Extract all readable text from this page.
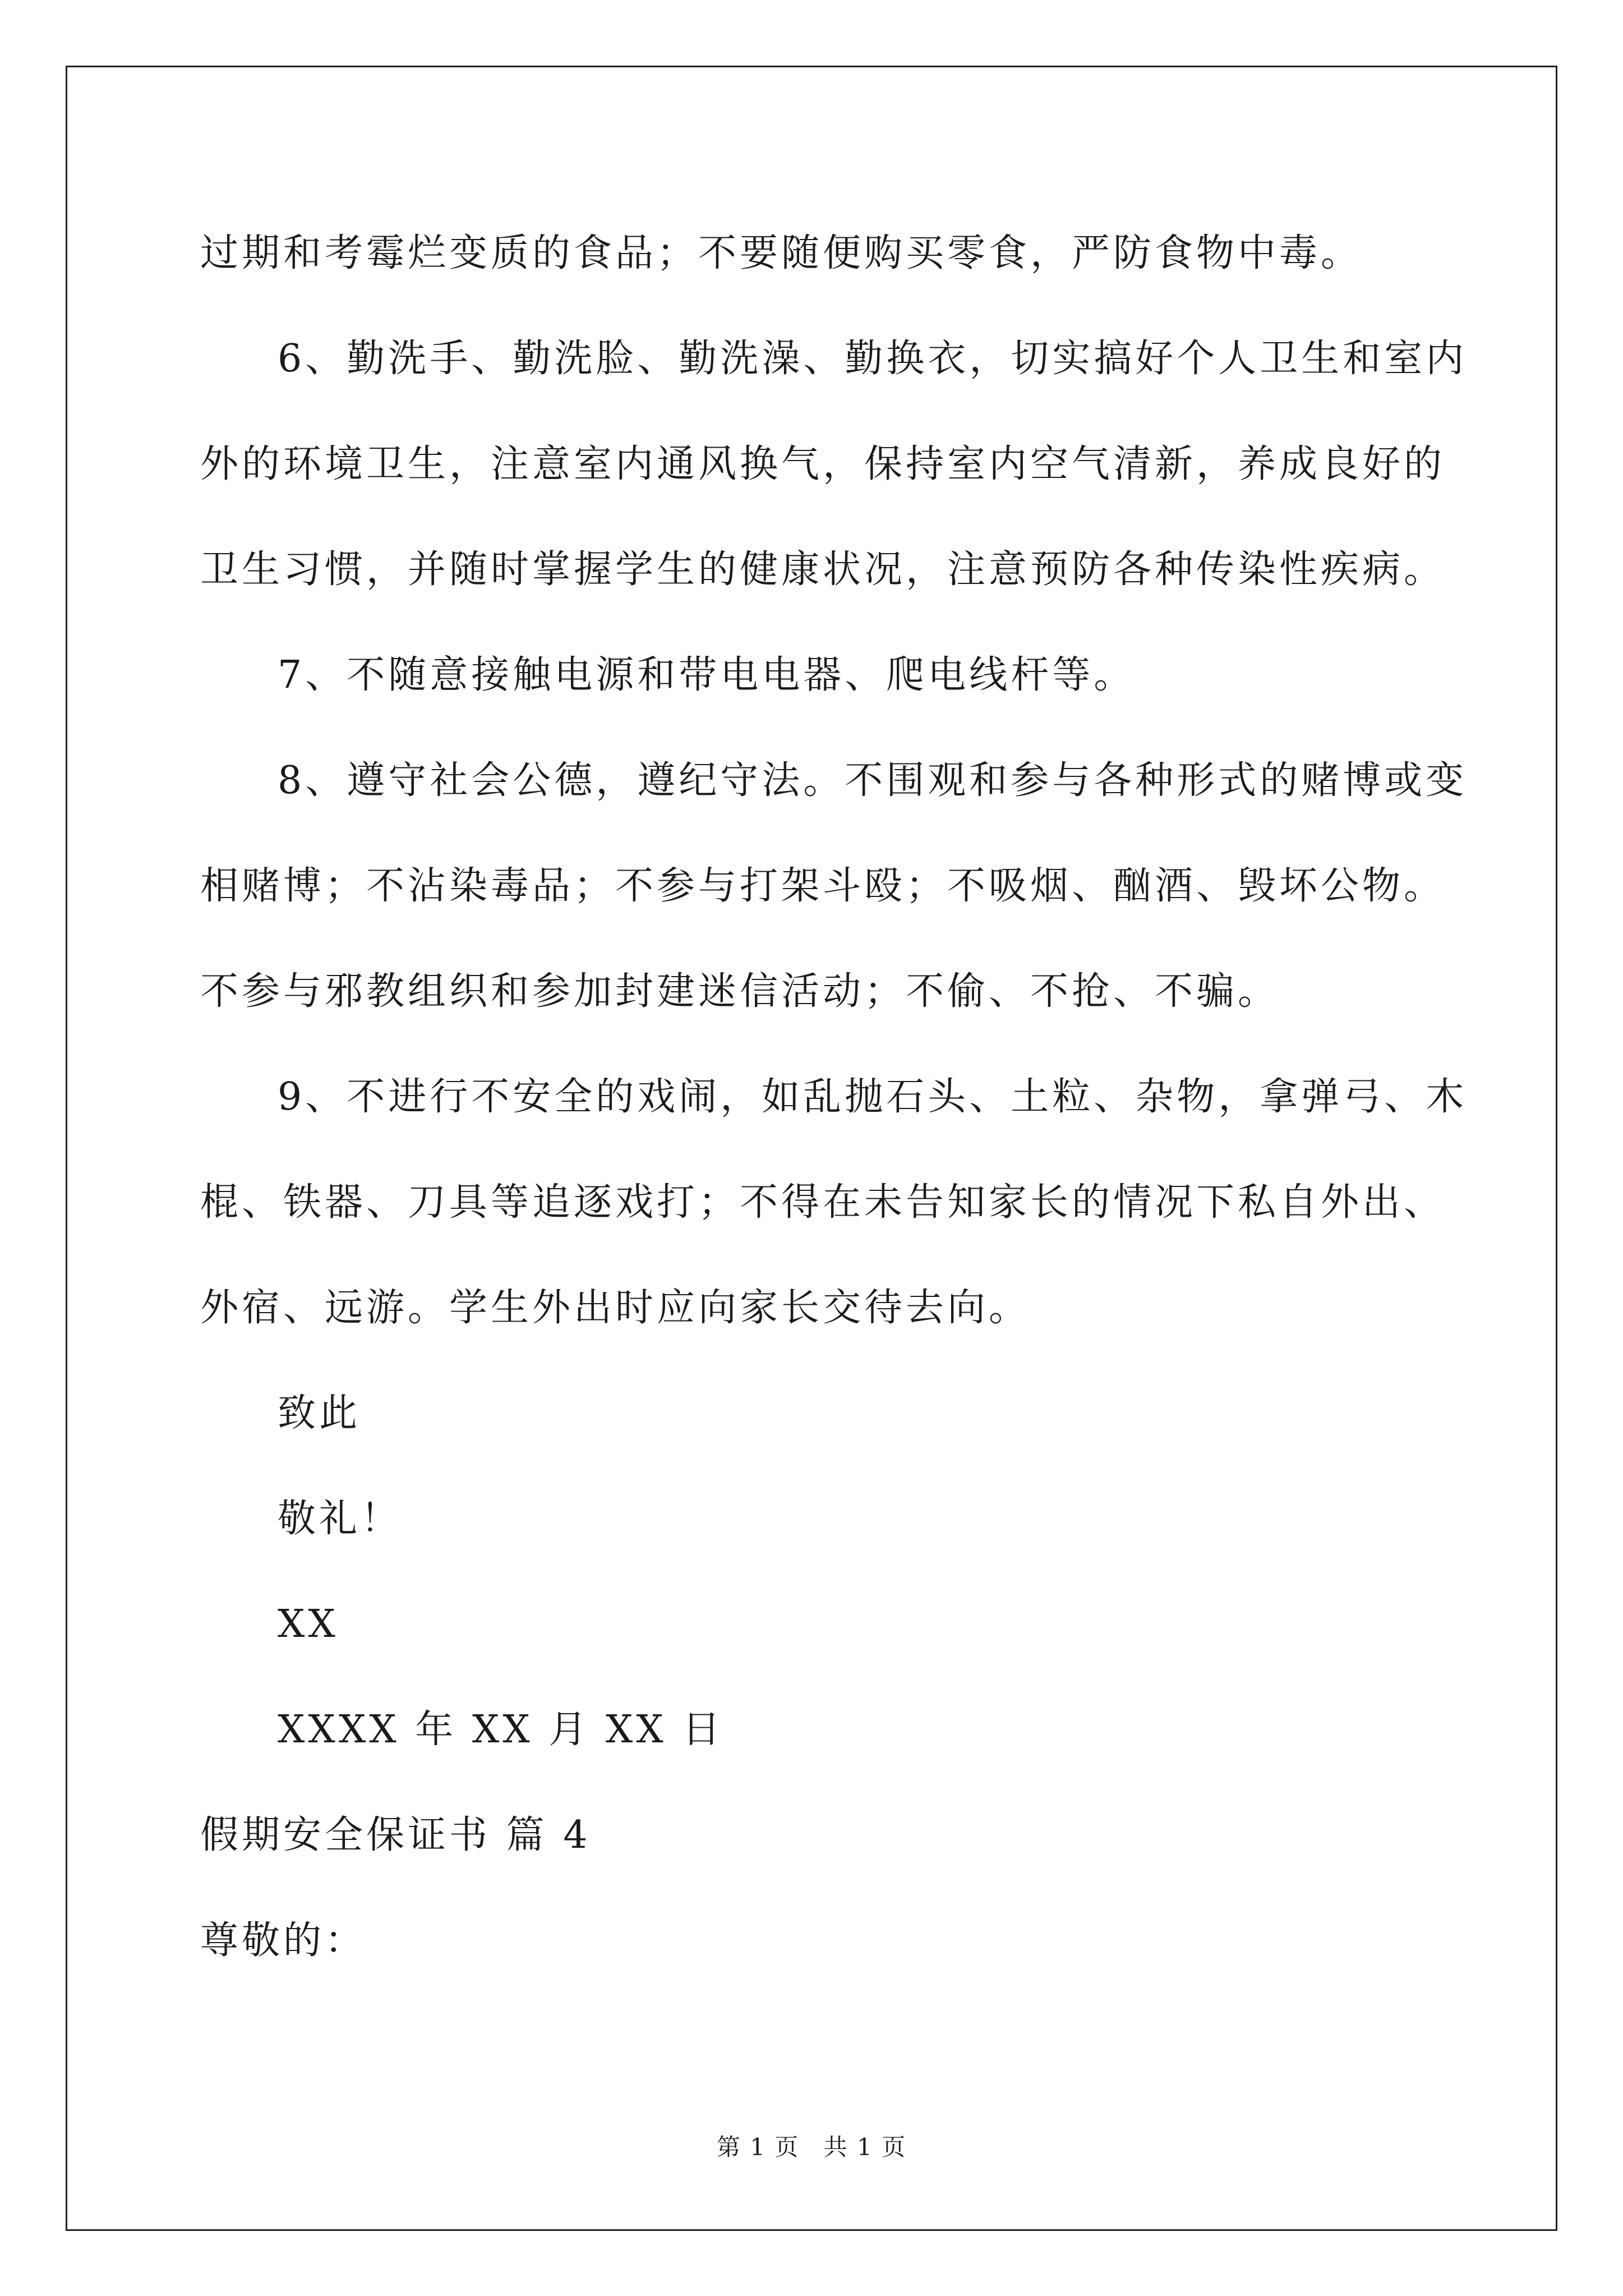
过期和考霉烂变质的食品；不要随便购买零食，严防食物中毒。
6、勤洗手、勤洗脸、勤洗澡、勤换衣，切实搞好个人卫生和室内
外的环境卫生，注意室内通风换气，保持室内空气清新，养成良好的
卫生习惯，并随时掌握学生的健康状况，注意预防各种传染性疾病。
7、不随意接触电源和带电电器、爬电线杆等。
8、遵守社会公德，遵纪守法。不围观和参与各种形式的赌博或变
相赌博；不沾染毒品；不参与打架斗殴；不吸烟、酗酒、毁坏公物。
不参与邪教组织和参加封建迷信活动；不偷、不抢、不骗。
9、不进行不安全的戏闹，如乱抛石头、土粒、杂物，拿弹弓、木
棍、铁器、刀具等追逐戏打；不得在未告知家长的情况下私自外出、
外宿、远游。学生外出时应向家长交待去向。
致此
敬礼！
XX
XXXX 年 XX 月 XX 日
假期安全保证书 篇 4
尊敬的：
第 1 页 共 1 页
